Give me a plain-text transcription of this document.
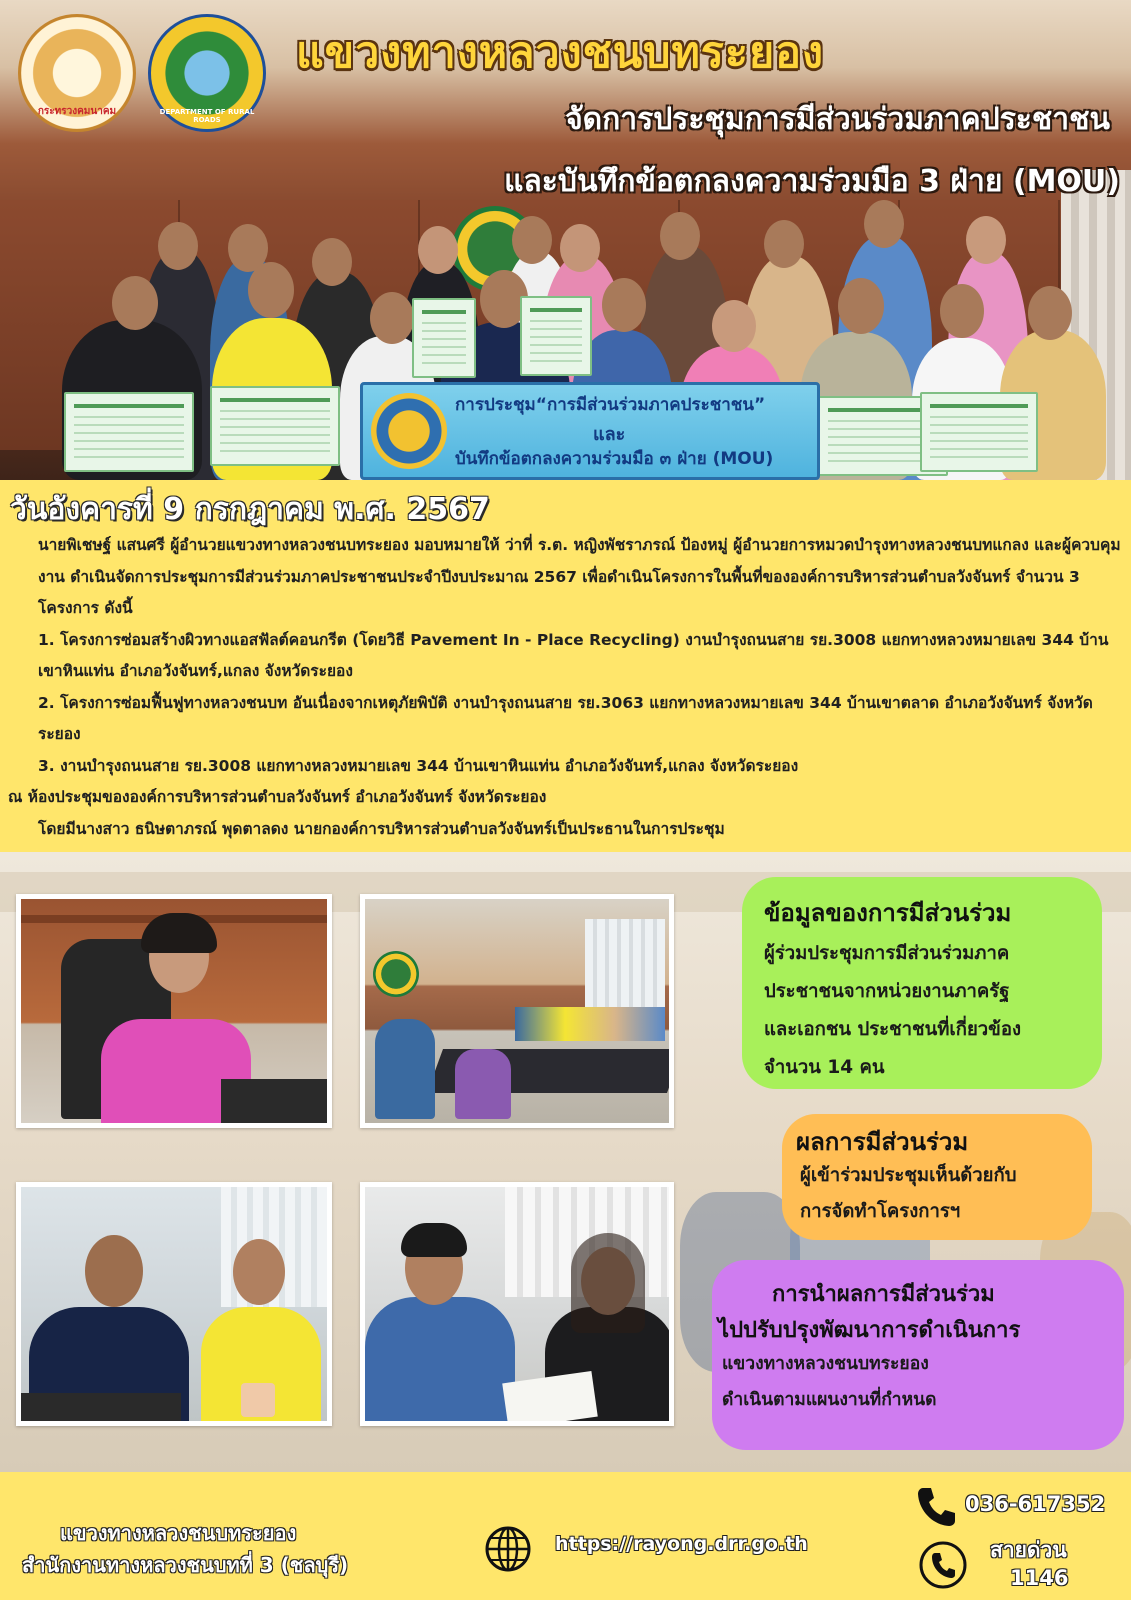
การประชุม“การมีส่วนร่วมภาคประชาชน”
และ
บันทึกข้อตกลงความร่วมมือ ๓ ฝ่าย (MOU)
กระทรวงคมนาคม	DEPARTMENT OF RURAL ROADS
แขวงทางหลวงชนบทระยอง
จัดการประชุมการมีส่วนร่วมภาคประชาชน
และบันทึกข้อตกลงความร่วมมือ 3 ฝ่าย (MOU)
วันอังคารที่ 9 กรกฎาคม พ.ศ. 2567
นายพิเชษฐ์ แสนศรี ผู้อำนวยแขวงทางหลวงชนบทระยอง มอบหมายให้ ว่าที่ ร.ต. หญิงพัชราภรณ์ ป้องหมู่ ผู้อำนวยการหมวดบำรุงทางหลวงชนบทแกลง และผู้ควบคุมงาน ดำเนินจัดการประชุมการมีส่วนร่วมภาคประชาชนประจำปีงบประมาณ 2567 เพื่อดำเนินโครงการในพื้นที่ขององค์การบริหารส่วนตำบลวังจันทร์ จำนวน 3 โครงการ ดังนี้
1. โครงการซ่อมสร้างผิวทางแอสฟัลต์คอนกรีต (โดยวิธี Pavement In - Place Recycling) งานบำรุงถนนสาย รย.3008 แยกทางหลวงหมายเลข 344 บ้านเขาหินแท่น อำเภอวังจันทร์,แกลง จังหวัดระยอง
2. โครงการซ่อมฟื้นฟูทางหลวงชนบท อันเนื่องจากเหตุภัยพิบัติ งานบำรุงถนนสาย รย.3063 แยกทางหลวงหมายเลข 344 บ้านเขาตลาด อำเภอวังจันทร์ จังหวัดระยอง
3. งานบำรุงถนนสาย รย.3008 แยกทางหลวงหมายเลข 344 บ้านเขาหินแท่น อำเภอวังจันทร์,แกลง จังหวัดระยอง
ณ ห้องประชุมขององค์การบริหารส่วนตำบลวังจันทร์ อำเภอวังจันทร์ จังหวัดระยอง
โดยมีนางสาว ธนิษตาภรณ์ พุดตาลดง นายกองค์การบริหารส่วนตำบลวังจันทร์เป็นประธานในการประชุม
ข้อมูลของการมีส่วนร่วม
ผู้ร่วมประชุมการมีส่วนร่วมภาค
ประชาชนจากหน่วยงานภาครัฐ
และเอกชน ประชาชนที่เกี่ยวข้อง
จำนวน 14 คน
ผลการมีส่วนร่วม
ผู้เข้าร่วมประชุมเห็นด้วยกับ
การจัดทำโครงการฯ
การนำผลการมีส่วนร่วม
ไปปรับปรุงพัฒนาการดำเนินการ
แขวงทางหลวงชนบทระยอง
ดำเนินตามแผนงานที่กำหนด
แขวงทางหลวงชนบทระยอง
สำนักงานทางหลวงชนบทที่ 3 (ชลบุรี)
https://rayong.drr.go.th
036-617352
สายด่วน
1146
